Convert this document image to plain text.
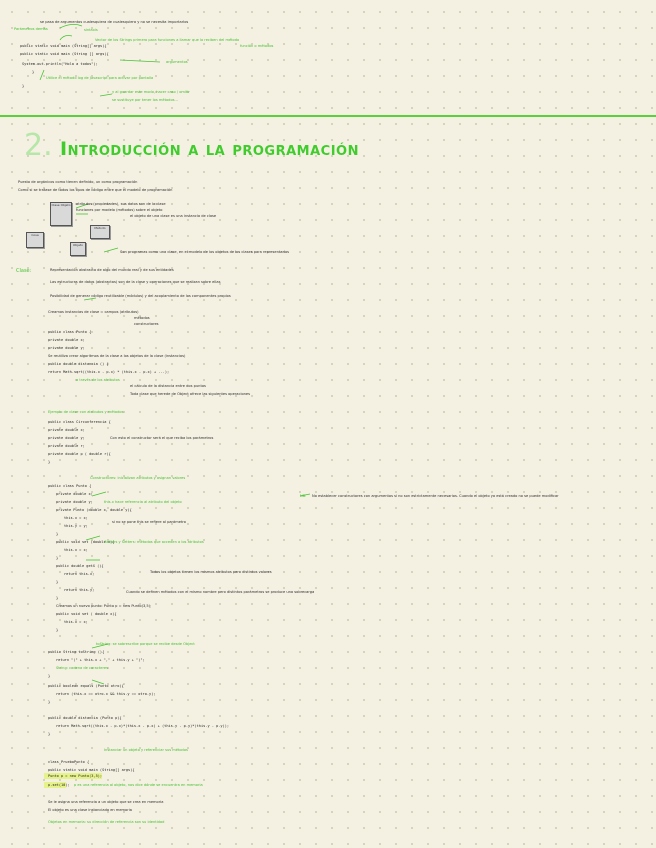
se pasa de argumentos cualesquiera de cualesquiera y no se necesita importarlos
Parámetros demás
Vector de los Strings primero para funciones a llamar que lo reciben del método
public static void main (String[] args){	función o métodos
public static void main (String [] args){
sintaxis
argumentos
System.out.println("Hola a todos");
}
Utilice el método log de Javascript para activar por pantalla
}
y al guardar este modo, hacer caso / omitir
se sustituye por tener los métodos...
2. Introducción a la programación
Puesto de orgánicos como tienen definido, un como programación
Como si se tratase de todos los tipos de código entre que el modelo de programación
Clase Objeto
Método
Cosa
Objeto
atributos (propiedades), sus datos son de la clase
funciones por modelo (métodos) sobre el objeto
el objeto de una clase es una instancia de clase
Son programas como una clase, en el modelo de los objetos de los clases para representarlos
Clase:	Representación abstracta de algo del mundo real y de sus entidades
Las estructuras de datos (abstractas) son de la clase y operaciones que se realizan sobre ellas
Posibilidad de generar código reutilizable (módulos) y del acoplamiento de los componentes propios
Creamos instancias de clase = campos (atributos)
métodos
constructores
public class Punto {
private double x;
private double y;
Se reutiliza crear algoritmos de la clase a los objetos de la clase (instancias)
public double distancia () {
return Math.sqrt((this.x - p.x) * (this.x - p.x) + ...);
a través de los atributos
el cálculo de la distancia entre dos puntos
Toda clase que herede de Object ofrece las siguientes operaciones
Ejemplo de clase con atributos y métodos
public class Circunferencia {
private double x;
private double y;
private double r;
private double p ( double r){
}
Con esto el constructor será el que reciba los parámetros
Constructores: inicializan atributos y asignan valores
public class Punto {
private double x;
private double y;
private Punto (double x, double y){
this.x = x;
this.y = y;
}
public void set (double x){
this.x = x;
}
public double getX (){
return this.x;
}
return this.y;
}
Creamos un nuevo punto: Punto p = new Punto(3,5);
public void set ( double x){
this.x = x;
}
this.x hace referencia al atributo del objeto
si no se pone this se refiere al parámetro
Getters y Setters: métodos que acceden a los atributos
Todos los objetos tienen los mismos atributos pero distintos valores
Cuando se definen métodos con el mismo nombre pero distintos parámetros se produce una sobrecarga
NB: No establecer constructores con argumentos si no son estrictamente necesarios. Cuando el objeto ya está creado no se puede modificar
toString: se sobrescribe porque se recibe desde Object
public String toString (){
return "(" + this.x + "," + this.y + ")";
String: cadena de caracteres
}
public boolean equals (Punto otro){
return (this.x == otro.x && this.y == otro.y);
}
public double distancia (Punto p){
return Math.sqrt((this.x - p.x)*(this.x - p.x) + (this.y - p.y)*(this.y - p.y));
}
Instanciar un objeto y referenciar sus métodos
class PruebaPunto {
public static void main (String[] args){
Punto p = new Punto(3,5);
p.set(10); p es una referencia al objeto, nos dice dónde se encuentra en memoria
Se le asigna una referencia a un objeto que se crea en memoria
El objeto es una clase instanciada en memoria
Objetos en memoria: su dirección de referencia son su identidad
